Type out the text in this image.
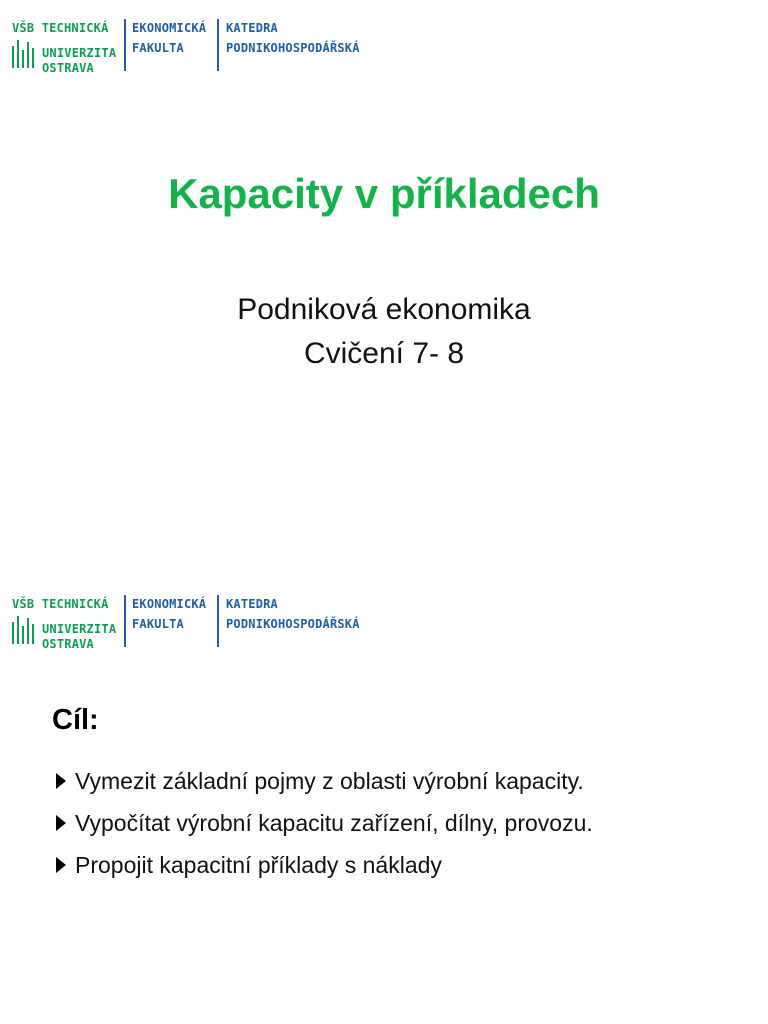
VŠB TECHNICKÁ
UNIVERZITA
OSTRAVA
EKONOMICKÁ
FAKULTA
KATEDRA
PODNIKOHOSPODÁŘSKÁ
Kapacity v příkladech
Podniková ekonomika
Cvičení 7- 8
VŠB TECHNICKÁ
UNIVERZITA
OSTRAVA
EKONOMICKÁ
FAKULTA
KATEDRA
PODNIKOHOSPODÁŘSKÁ
Cíl:
Vymezit základní pojmy z oblasti výrobní kapacity.
Vypočítat výrobní kapacitu zařízení, dílny, provozu.
Propojit kapacitní příklady s náklady
